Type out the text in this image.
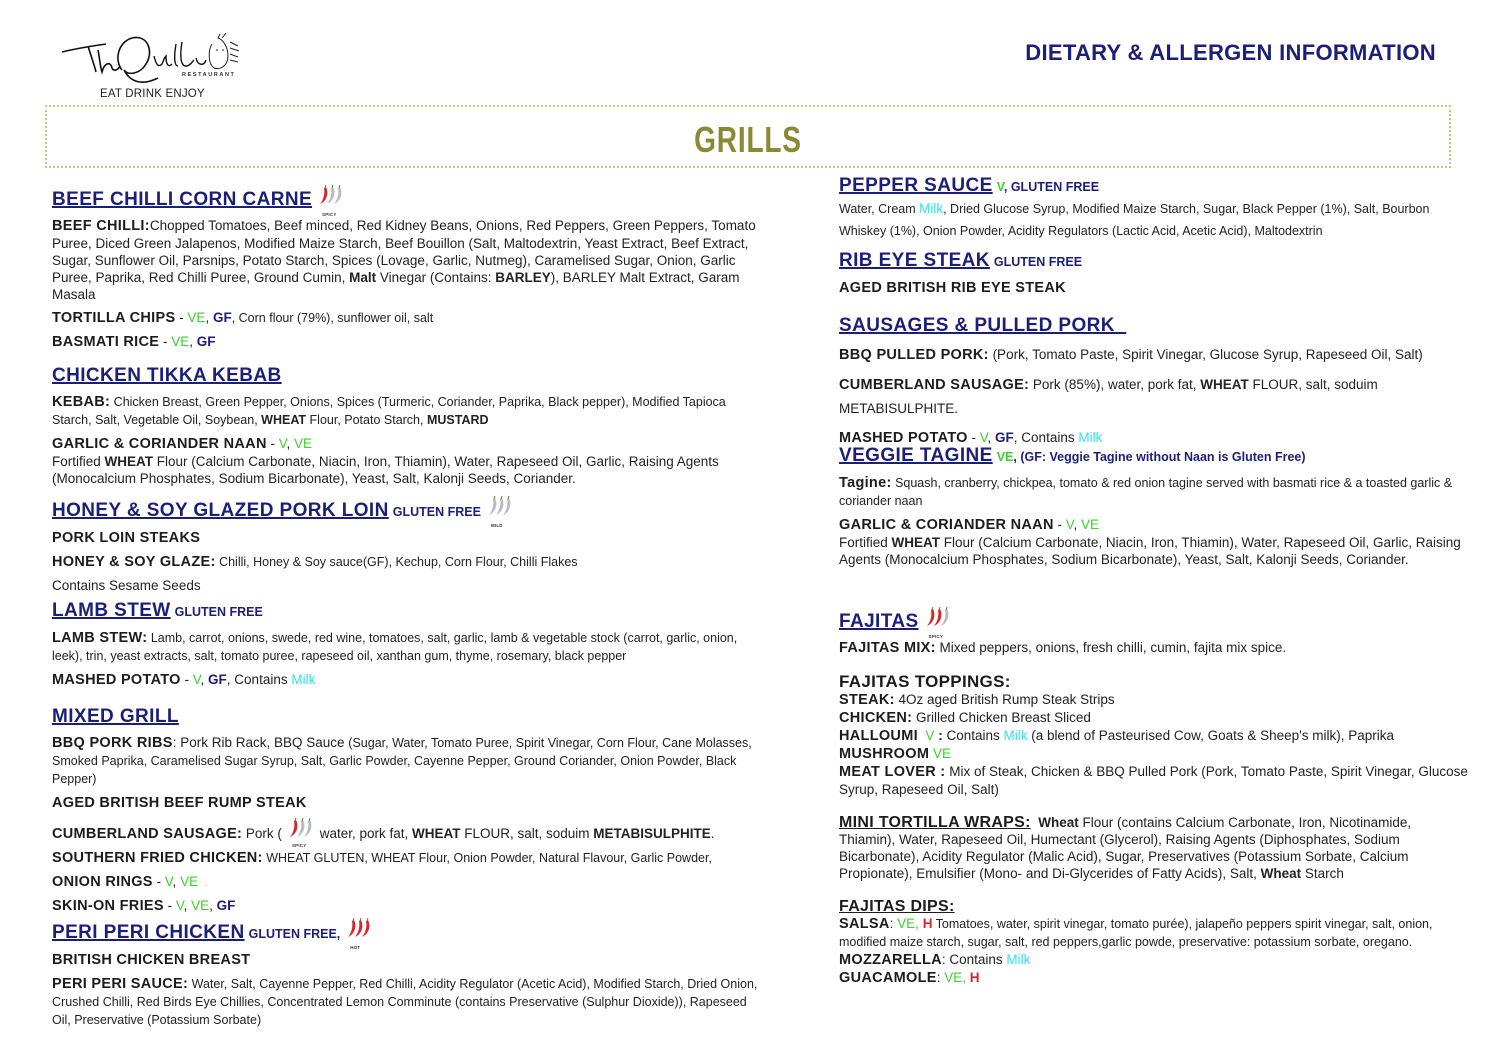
RESTAURANT
EAT DRINK ENJOY
DIETARY & ALLERGEN INFORMATION
GRILLS
BEEF CHILLI CORN CARNE
SPICY
BEEF CHILLI:Chopped Tomatoes, Beef minced, Red Kidney Beans, Onions, Red Peppers, Green Peppers, Tomato Puree, Diced Green Jalapenos, Modified Maize Starch, Beef Bouillon (Salt, Maltodextrin, Yeast Extract, Beef Extract, Sugar, Sunflower Oil, Parsnips, Potato Starch, Spices (Lovage, Garlic, Nutmeg), Caramelised Sugar, Onion, Garlic Puree, Paprika, Red Chilli Puree, Ground Cumin, Malt Vinegar (Contains: BARLEY), BARLEY Malt Extract, Garam Masala
TORTILLA CHIPS - VE, GF, Corn flour (79%), sunflower oil, salt
BASMATI RICE - VE, GF
CHICKEN TIKKA KEBAB
KEBAB: Chicken Breast, Green Pepper, Onions, Spices (Turmeric, Coriander, Paprika, Black pepper), Modified Tapioca Starch, Salt, Vegetable Oil, Soybean, WHEAT Flour, Potato Starch, MUSTARD
GARLIC & CORIANDER NAAN - V, VE
Fortified WHEAT Flour (Calcium Carbonate, Niacin, Iron, Thiamin), Water, Rapeseed Oil, Garlic, Raising Agents (Monocalcium Phosphates, Sodium Bicarbonate), Yeast, Salt, Kalonji Seeds, Coriander.
HONEY & SOY GLAZED PORK LOIN GLUTEN FREE
MILD
PORK LOIN STEAKS
HONEY & SOY GLAZE: Chilli, Honey & Soy sauce(GF), Kechup, Corn Flour, Chilli Flakes
Contains Sesame Seeds
LAMB STEW GLUTEN FREE
LAMB STEW: Lamb, carrot, onions, swede, red wine, tomatoes, salt, garlic, lamb & vegetable stock (carrot, garlic, onion, leek), trin, yeast extracts, salt, tomato puree, rapeseed oil, xanthan gum, thyme, rosemary, black pepper
MASHED POTATO - V, GF, Contains Milk
MIXED GRILL
BBQ PORK RIBS: Pork Rib Rack, BBQ Sauce (Sugar, Water, Tomato Puree, Spirit Vinegar, Corn Flour, Cane Molasses, Smoked Paprika, Caramelised Sugar Syrup, Salt, Garlic Powder, Cayenne Pepper, Ground Coriander, Onion Powder, Black Pepper)
AGED BRITISH BEEF RUMP STEAK
CUMBERLAND SAUSAGE: Pork (
SPICY
water, pork fat, WHEAT FLOUR, salt, soduim METABISULPHITE.
SOUTHERN FRIED CHICKEN: WHEAT GLUTEN, WHEAT Flour, Onion Powder, Natural Flavour, Garlic Powder,
ONION RINGS - V, VE
SKIN-ON FRIES - V, VE, GF
PERI PERI CHICKEN GLUTEN FREE,
HOT
BRITISH CHICKEN BREAST
PERI PERI SAUCE: Water, Salt, Cayenne Pepper, Red Chilli, Acidity Regulator (Acetic Acid), Modified Starch, Dried Onion, Crushed Chilli, Red Birds Eye Chillies, Concentrated Lemon Comminute (contains Preservative (Sulphur Dioxide)), Rapeseed Oil, Preservative (Potassium Sorbate)
PEPPER SAUCE V, GLUTEN FREE
Water, Cream Milk, Dried Glucose Syrup, Modified Maize Starch, Sugar, Black Pepper (1%), Salt, Bourbon Whiskey (1%), Onion Powder, Acidity Regulators (Lactic Acid, Acetic Acid), Maltodextrin
RIB EYE STEAK GLUTEN FREE
AGED BRITISH RIB EYE STEAK
SAUSAGES & PULLED PORK
BBQ PULLED PORK: (Pork, Tomato Paste, Spirit Vinegar, Glucose Syrup, Rapeseed Oil, Salt)
CUMBERLAND SAUSAGE: Pork (85%), water, pork fat, WHEAT FLOUR, salt, soduim METABISULPHITE.
MASHED POTATO - V, GF, Contains Milk
VEGGIE TAGINE VE, (GF: Veggie Tagine without Naan is Gluten Free)
Tagine: Squash, cranberry, chickpea, tomato & red onion tagine served with basmati rice & a toasted garlic & coriander naan
GARLIC & CORIANDER NAAN - V, VE
Fortified WHEAT Flour (Calcium Carbonate, Niacin, Iron, Thiamin), Water, Rapeseed Oil, Garlic, Raising Agents (Monocalcium Phosphates, Sodium Bicarbonate), Yeast, Salt, Kalonji Seeds, Coriander.
FAJITAS
SPICY
FAJITAS MIX: Mixed peppers, onions, fresh chilli, cumin, fajita mix spice.
FAJITAS TOPPINGS:
STEAK: 4Oz aged British Rump Steak Strips
CHICKEN: Grilled Chicken Breast Sliced
HALLOUMI  V : Contains Milk (a blend of Pasteurised Cow, Goats & Sheep's milk), Paprika
MUSHROOM VE
MEAT LOVER : Mix of Steak, Chicken & BBQ Pulled Pork (Pork, Tomato Paste, Spirit Vinegar, Glucose Syrup, Rapeseed Oil, Salt)
MINI TORTILLA WRAPS: Wheat Flour (contains Calcium Carbonate, Iron, Nicotinamide, Thiamin), Water, Rapeseed Oil, Humectant (Glycerol), Raising Agents (Diphosphates, Sodium Bicarbonate), Acidity Regulator (Malic Acid), Sugar, Preservatives (Potassium Sorbate, Calcium Propionate), Emulsifier (Mono- and Di-Glycerides of Fatty Acids), Salt, Wheat Starch
FAJITAS DIPS:
SALSA: VE, H Tomatoes, water, spirit vinegar, tomato purée), jalapeño peppers spirit vinegar, salt, onion, modified maize starch, sugar, salt, red peppers,garlic powde, preservative: potassium sorbate, oregano.
MOZZARELLA: Contains Milk
GUACAMOLE: VE, H
